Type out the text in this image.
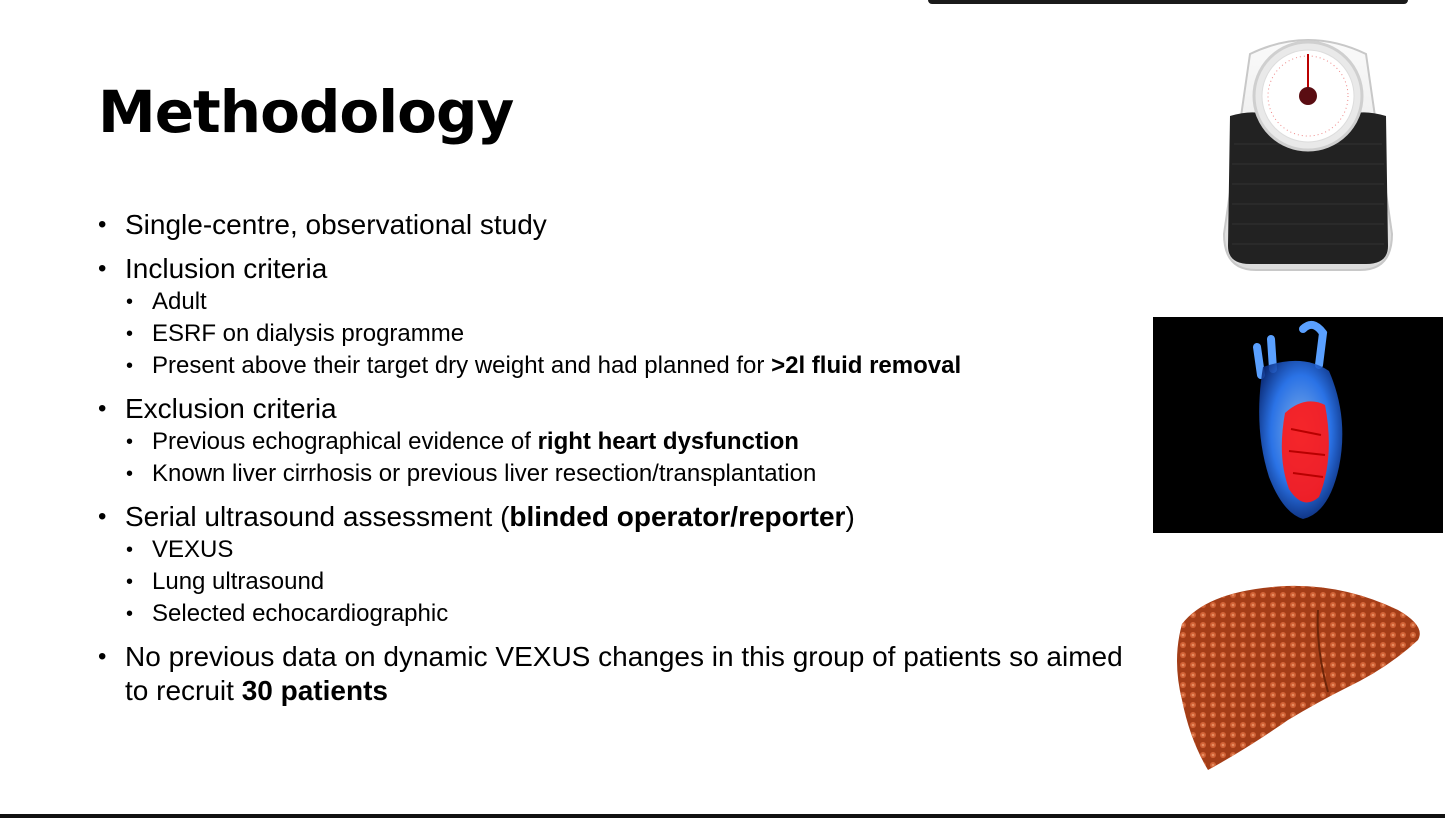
Methodology
• Single-centre, observational study
• Inclusion criteria
• Adult
• ESRF on dialysis programme
• Present above their target dry weight and had planned for >2l fluid removal
• Exclusion criteria
• Previous echographical evidence of right heart dysfunction
• Known liver cirrhosis or previous liver resection/transplantation
• Serial ultrasound assessment (blinded operator/reporter)
• VEXUS
• Lung ultrasound
• Selected echocardiographic
• No previous data on dynamic VEXUS changes in this group of patients so aimed to recruit 30 patients
